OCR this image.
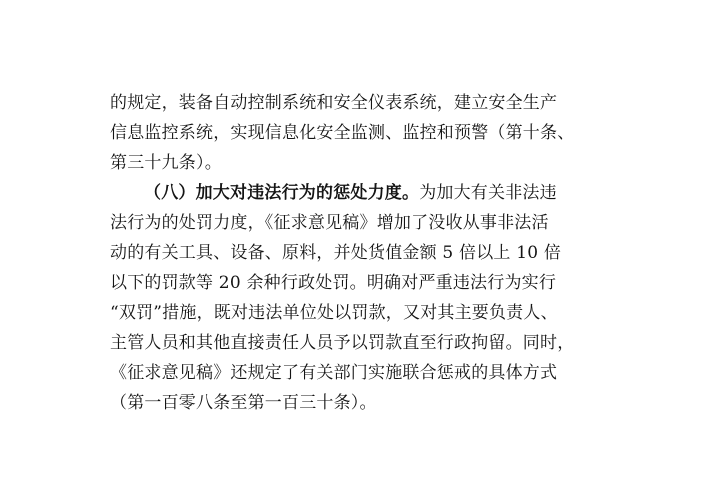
的规定，装备自动控制系统和安全仪表系统，建立安全生产
信息监控系统，实现信息化安全监测、监控和预警（第十条、
第三十九条）。
（八）加大对违法行为的惩处力度。为加大有关非法违
法行为的处罚力度，《征求意见稿》增加了没收从事非法活
动的有关工具、设备、原料，并处货值金额 5 倍以上 10 倍
以下的罚款等 20 余种行政处罚。明确对严重违法行为实行
“双罚”措施，既对违法单位处以罚款，又对其主要负责人、
主管人员和其他直接责任人员予以罚款直至行政拘留。同时，
《征求意见稿》还规定了有关部门实施联合惩戒的具体方式
（第一百零八条至第一百三十条）。
